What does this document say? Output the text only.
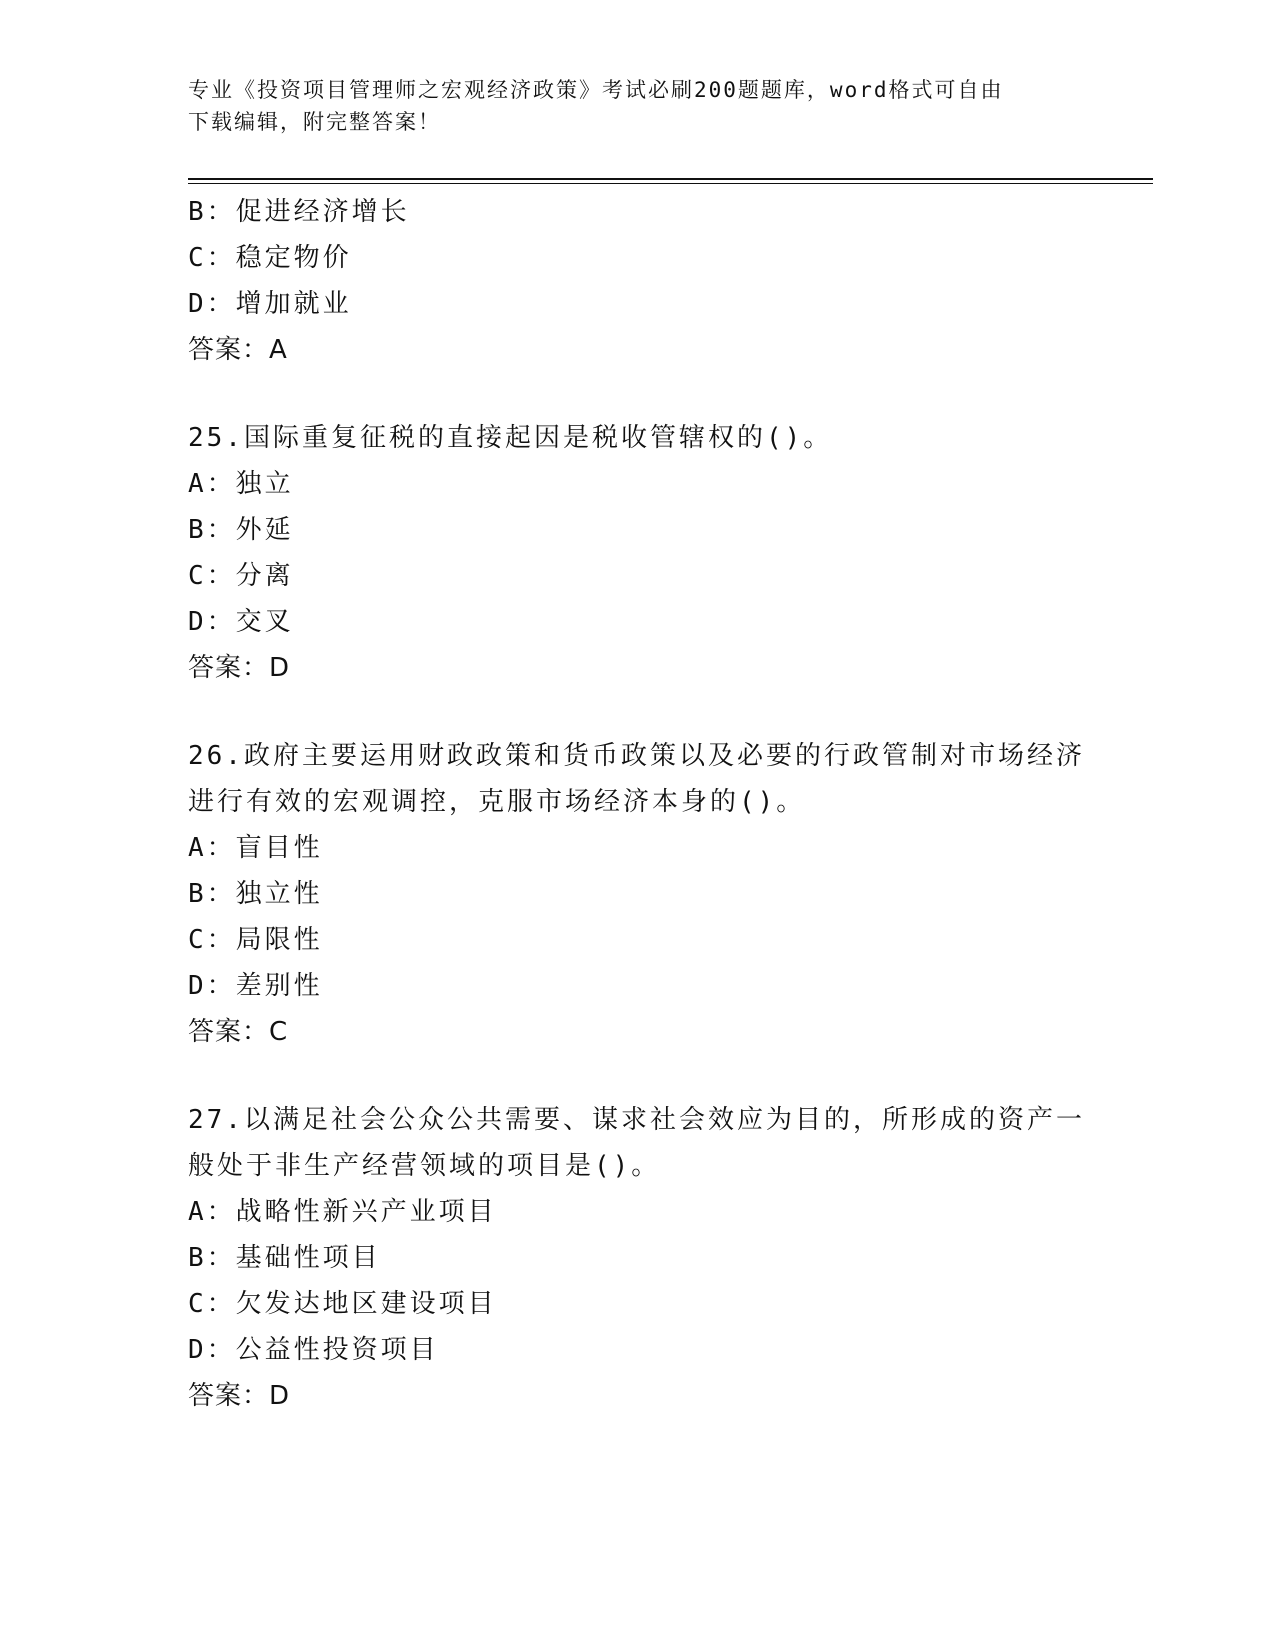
专业《投资项目管理师之宏观经济政策》考试必刷200题题库，word格式可自由
下载编辑，附完整答案！
B：促进经济增长
C：稳定物价
D：增加就业
答案：A
25.国际重复征税的直接起因是税收管辖权的()。
A：独立
B：外延
C：分离
D：交叉
答案：D
26.政府主要运用财政政策和货币政策以及必要的行政管制对市场经济
进行有效的宏观调控，克服市场经济本身的()。
A：盲目性
B：独立性
C：局限性
D：差别性
答案：C
27.以满足社会公众公共需要、谋求社会效应为目的，所形成的资产一
般处于非生产经营领域的项目是()。
A：战略性新兴产业项目
B：基础性项目
C：欠发达地区建设项目
D：公益性投资项目
答案：D
